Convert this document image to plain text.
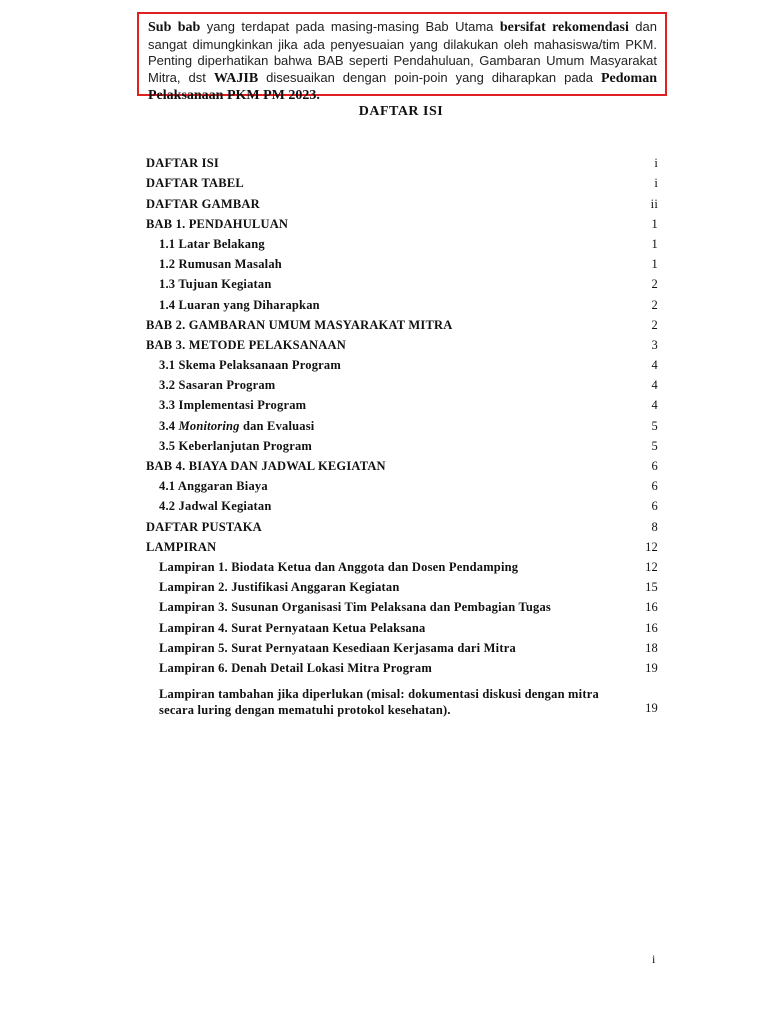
Sub bab yang terdapat pada masing-masing Bab Utama bersifat rekomendasi dan sangat dimungkinkan jika ada penyesuaian yang dilakukan oleh mahasiswa/tim PKM. Penting diperhatikan bahwa BAB seperti Pendahuluan, Gambaran Umum Masyarakat Mitra, dst WAJIB disesuaikan dengan poin-poin yang diharapkan pada Pedoman Pelaksanaan PKM PM 2023.
DAFTAR ISI
DAFTAR ISI	i
DAFTAR TABEL	i
DAFTAR GAMBAR	ii
BAB 1. PENDAHULUAN	1
1.1 Latar Belakang	1
1.2 Rumusan Masalah	1
1.3 Tujuan Kegiatan	2
1.4 Luaran yang Diharapkan	2
BAB 2. GAMBARAN UMUM MASYARAKAT MITRA	2
BAB 3. METODE PELAKSANAAN	3
3.1 Skema Pelaksanaan Program	4
3.2 Sasaran Program	4
3.3 Implementasi Program	4
3.4 Monitoring dan Evaluasi	5
3.5 Keberlanjutan Program	5
BAB 4. BIAYA DAN JADWAL KEGIATAN	6
4.1 Anggaran Biaya	6
4.2 Jadwal Kegiatan	6
DAFTAR PUSTAKA	8
LAMPIRAN	12
Lampiran 1. Biodata Ketua dan Anggota dan Dosen Pendamping	12
Lampiran 2. Justifikasi Anggaran Kegiatan	15
Lampiran 3. Susunan Organisasi Tim Pelaksana dan Pembagian Tugas	16
Lampiran 4. Surat Pernyataan Ketua Pelaksana	16
Lampiran 5. Surat Pernyataan Kesediaan Kerjasama dari Mitra	18
Lampiran 6. Denah Detail Lokasi Mitra Program	19
Lampiran tambahan jika diperlukan (misal: dokumentasi diskusi dengan mitra secara luring dengan mematuhi protokol kesehatan).	19
i
